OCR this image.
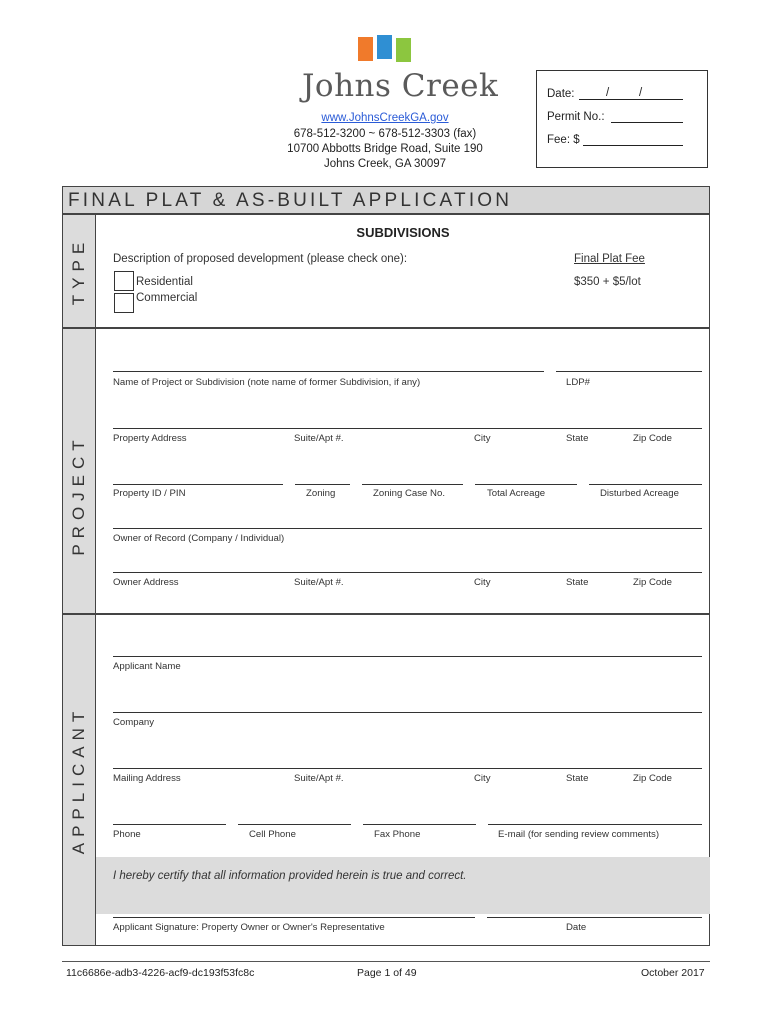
Johns Creek
www.JohnsCreekGA.gov
678-512-3200 ~ 678-512-3303 (fax)
10700 Abbotts Bridge Road, Suite 190
Johns Creek, GA 30097
Date:	/	/
Permit No.:
Fee: $
FINAL PLAT & AS-BUILT APPLICATION
TYPE
SUBDIVISIONS
Description of proposed development (please check one):	Final Plat Fee
$350 + $5/lot
Residential
Commercial
PROJECT
Name of Project or Subdivision (note name of former Subdivision, if any)	LDP#
Property Address	Suite/Apt #.	City	State	Zip Code
Property ID / PIN	Zoning	Zoning Case No.	Total Acreage	Disturbed Acreage
Owner of Record (Company / Individual)
Owner Address	Suite/Apt #.	City	State	Zip Code
APPLICANT
Applicant Name
Company
Mailing Address	Suite/Apt #.	City	State	Zip Code
Phone	Cell Phone	Fax Phone	E-mail (for sending review comments)
I hereby certify that all information provided herein is true and correct.
Applicant Signature: Property Owner or Owner's Representative	Date
11c6686e-adb3-4226-acf9-dc193f53fc8c	Page 1 of 49	October 2017
